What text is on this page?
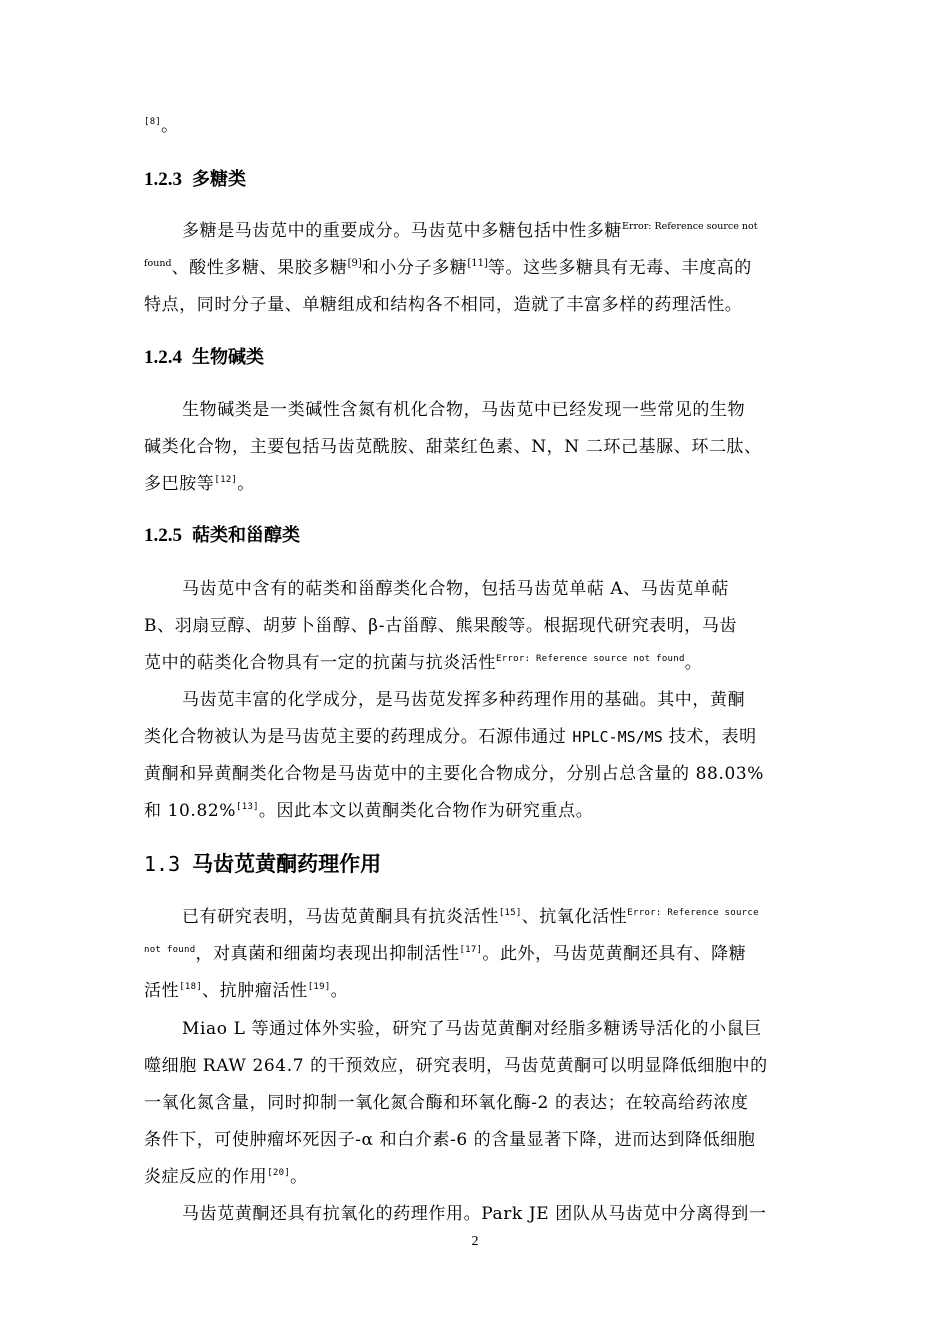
[8]。
1.2.3 多糖类
多糖是马齿苋中的重要成分。马齿苋中多糖包括中性多糖$^{Error: Reference source not}$
$^{found}$、酸性多糖、果胶多糖[9]和小分子多糖[11]等。这些多糖具有无毒、丰度高的
特点，同时分子量、单糖组成和结构各不相同，造就了丰富多样的药理活性。
1.2.4 生物碱类
生物碱类是一类碱性含氮有机化合物，马齿苋中已经发现一些常见的生物
碱类化合物，主要包括马齿苋酰胺、甜菜红色素、N，N 二环己基脲、环二肽、
多巴胺等[12]。
1.2.5 萜类和甾醇类
马齿苋中含有的萜类和甾醇类化合物，包括马齿苋单萜 A、马齿苋单萜
B、羽扇豆醇、胡萝卜甾醇、β-古甾醇、熊果酸等。根据现代研究表明，马齿
苋中的萜类化合物具有一定的抗菌与抗炎活性$^{Error: Reference source not found}$。
马齿苋丰富的化学成分，是马齿苋发挥多种药理作用的基础。其中，黄酮
类化合物被认为是马齿苋主要的药理成分。石源伟通过 HPLC-MS/MS 技术，表明
黄酮和异黄酮类化合物是马齿苋中的主要化合物成分，分别占总含量的 88.03%
和 10.82%[13]。因此本文以黄酮类化合物作为研究重点。
1.3 马齿苋黄酮药理作用
已有研究表明，马齿苋黄酮具有抗炎活性[15]、抗氧化活性$^{Error: Reference source}$
$^{not found}$，对真菌和细菌均表现出抑制活性[17]。此外，马齿苋黄酮还具有、降糖
活性[18]、抗肿瘤活性[19]。
Miao L 等通过体外实验，研究了马齿苋黄酮对经脂多糖诱导活化的小鼠巨
噬细胞 RAW 264.7 的干预效应，研究表明，马齿苋黄酮可以明显降低细胞中的
一氧化氮含量，同时抑制一氧化氮合酶和环氧化酶-2 的表达；在较高给药浓度
条件下，可使肿瘤坏死因子-α 和白介素-6 的含量显著下降，进而达到降低细胞
炎症反应的作用[20]。
马齿苋黄酮还具有抗氧化的药理作用。Park JE 团队从马齿苋中分离得到一
2
